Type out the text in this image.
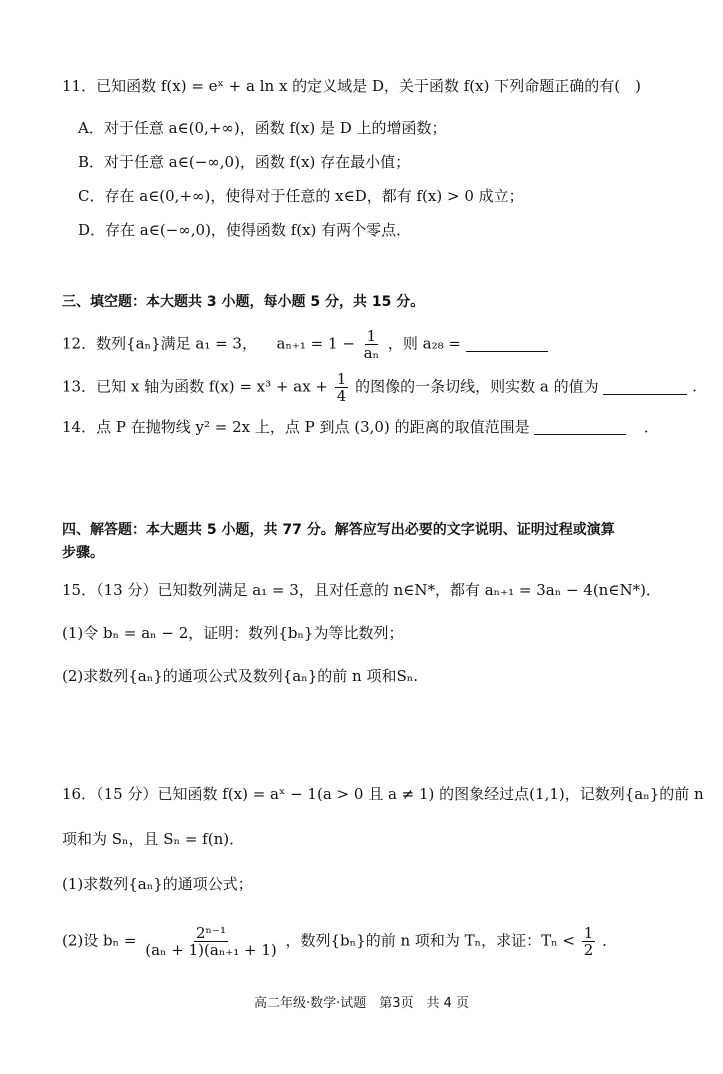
11．已知函数 f(x) = eˣ + a ln x 的定义域是 D，关于函数 f(x) 下列命题正确的有(　)
A．对于任意 a∈(0,+∞)，函数 f(x) 是 D 上的增函数；
B．对于任意 a∈(−∞,0)，函数 f(x) 存在最小值；
C．存在 a∈(0,+∞)，使得对于任意的 x∈D，都有 f(x) > 0 成立；
D．存在 a∈(−∞,0)，使得函数 f(x) 有两个零点．
三、填空题：本大题共 3 小题，每小题 5 分，共 15 分。
12．数列{aₙ}满足 a₁ = 3， $a_{n+1} = 1 - \frac{1}{\text{aₙ}}$ ，则 a₂₈ =
13．已知 x 轴为函数 f(x) = x³ + ax + $\frac{1}{4}$ 的图像的一条切线，则实数 a 的值为	.
14．点 P 在抛物线 y² = 2x 上，点 P 到点 (3,0) 的距离的取值范围是	．
四、解答题：本大题共 5 小题，共 77 分。解答应写出必要的文字说明、证明过程或演算
步骤。
15．（13 分）已知数列满足 a₁ = 3，且对任意的 n∈N*，都有 aₙ₊₁ = 3aₙ − 4(n∈N*)．
(1)令 bₙ = aₙ − 2，证明：数列{bₙ}为等比数列；
(2)求数列{aₙ}的通项公式及数列{aₙ}的前 n 项和Sₙ.
16．（15 分）已知函数 f(x) = aˣ − 1(a > 0 且 a ≠ 1) 的图象经过点(1,1)，记数列{aₙ}的前 n
项和为 Sₙ，且 Sₙ = f(n)．
(1)求数列{aₙ}的通项公式；
(2)设 $b_n = \frac{\text{2ⁿ⁻¹}}{\text{(aₙ + 1)(aₙ₊₁ + 1)}}$ ，数列{bₙ}的前 n 项和为 Tₙ，求证：$T_n < \frac{1}{2}$ ．
高二年级·数学·试题　第3页　共 4 页
